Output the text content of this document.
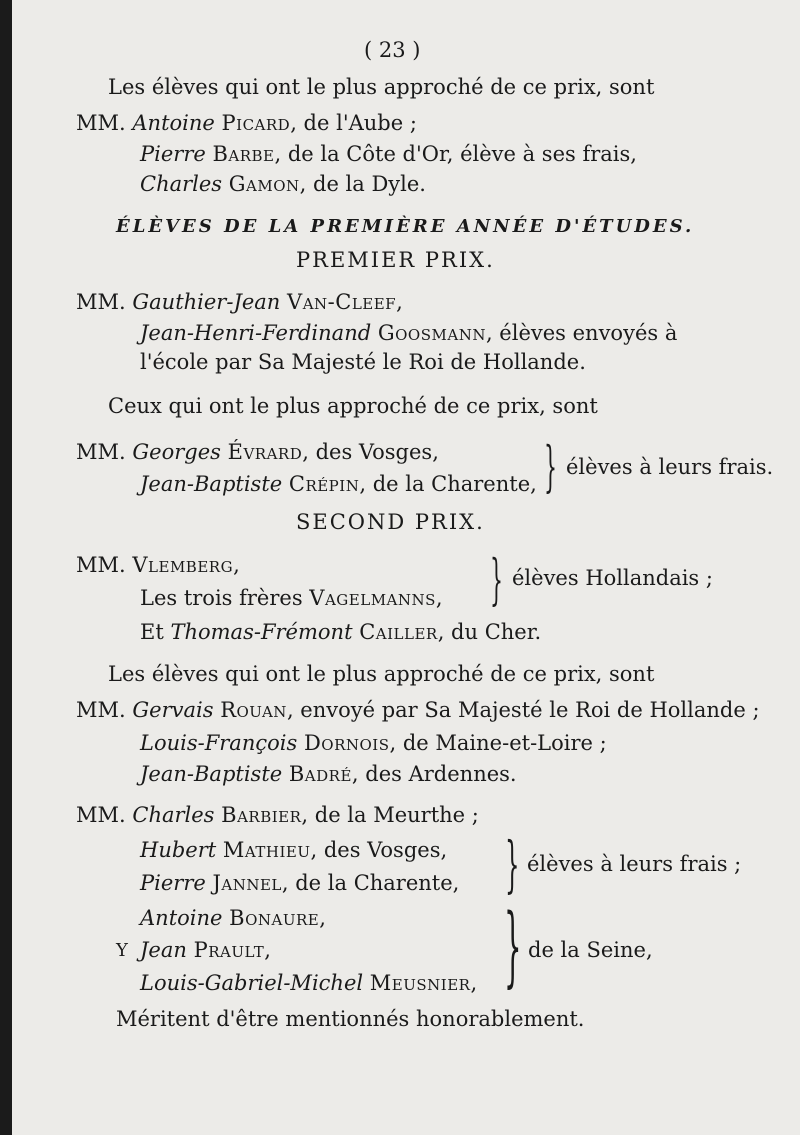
( 23 )
Les élèves qui ont le plus approché de ce prix, sont
MM. Antoine Picard, de l'Aube ;
Pierre Barbe, de la Côte d'Or, élève à ses frais,
Charles Gamon, de la Dyle.
ÉLÈVES DE LA PREMIÈRE ANNÉE D'ÉTUDES.
PREMIER PRIX.
MM. Gauthier-Jean Van-Cleef,
Jean-Henri-Ferdinand Goosmann, élèves envoyés à
l'école par Sa Majesté le Roi de Hollande.
Ceux qui ont le plus approché de ce prix, sont
MM. Georges Évrard, des Vosges,
Jean-Baptiste Crépin, de la Charente, } élèves à leurs frais.
SECOND PRIX.
MM. Vlemberg,
Les trois frères Vagelmanns, } élèves Hollandais ;
Et Thomas-Frémont Cailler, du Cher.
Les élèves qui ont le plus approché de ce prix, sont
MM. Gervais Rouan, envoyé par Sa Majesté le Roi de Hollande ;
Louis-François Dornois, de Maine-et-Loire ;
Jean-Baptiste Badré, des Ardennes.
MM. Charles Barbier, de la Meurthe ;
Hubert Mathieu, des Vosges,
Pierre Jannel, de la Charente, } élèves à leurs frais ;
Antoine Bonaure,
Y Jean Prault,
Louis-Gabriel-Michel Meusnier, } de la Seine,
Méritent d'être mentionnés honorablement.
